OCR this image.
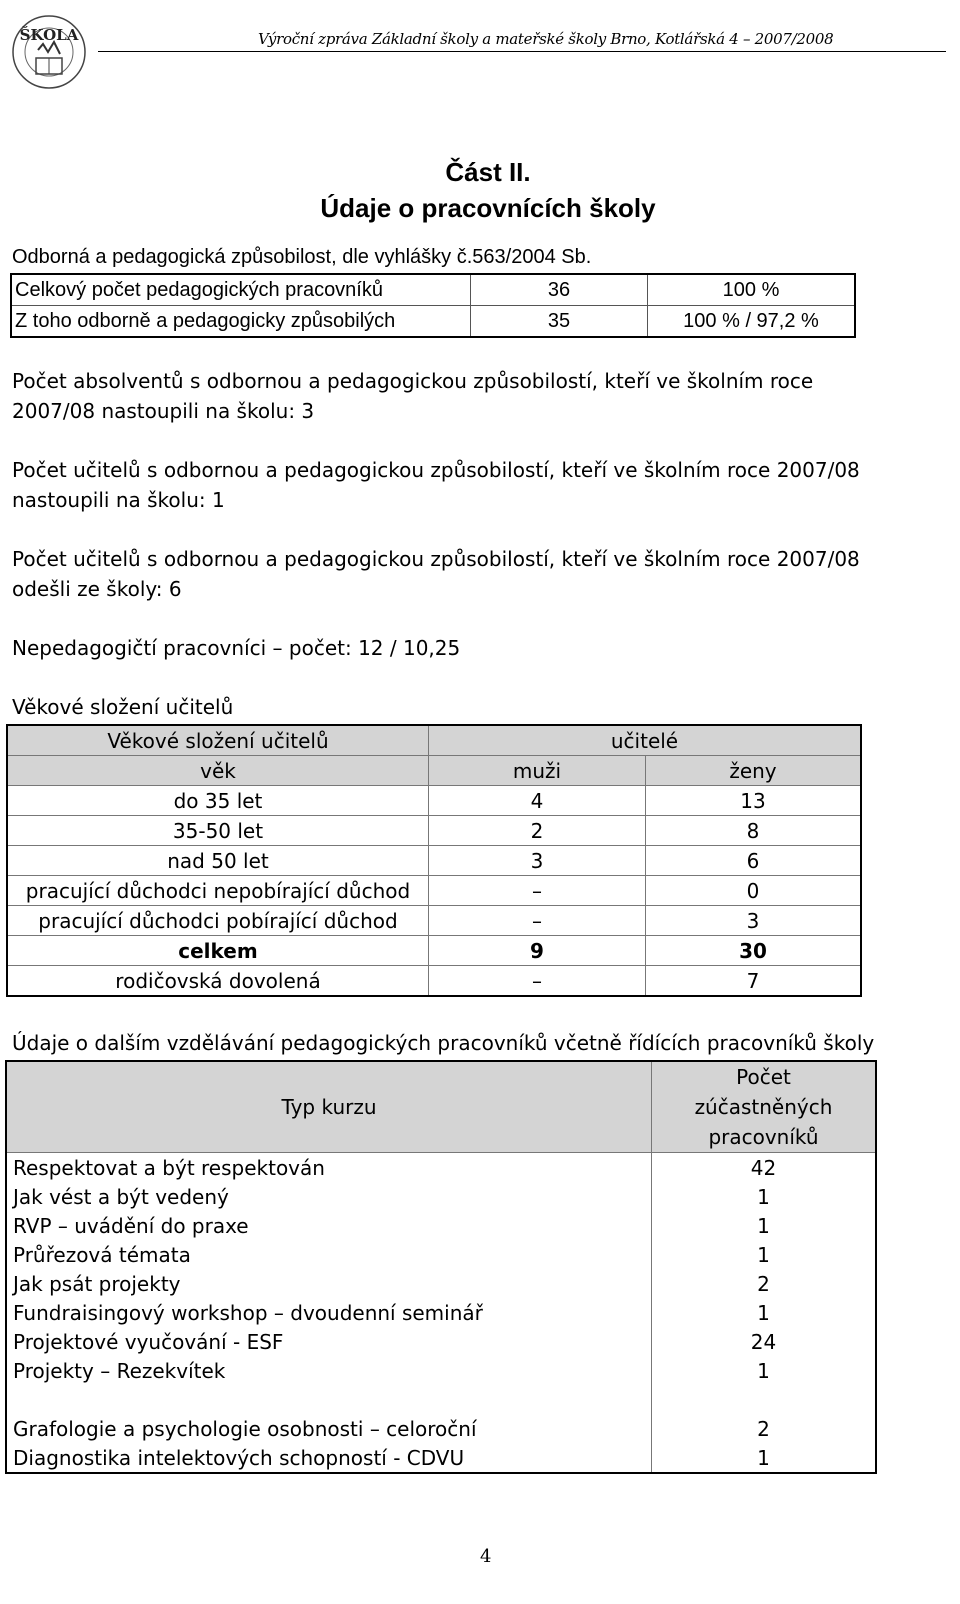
ŠKOLA	Výroční zpráva Základní školy a mateřské školy Brno, Kotlářská 4 – 2007/2008
Část II.
Údaje o pracovnících školy
Odborná a pedagogická způsobilost, dle vyhlášky č.563/2004 Sb.
Celkový počet pedagogických pracovníků	36	100 %
Z toho odborně a pedagogicky způsobilých	35	100 % / 97,2 %
Počet absolventů s odbornou a pedagogickou způsobilostí, kteří ve školním roce
2007/08 nastoupili na školu: 3
Počet učitelů s odbornou a pedagogickou způsobilostí, kteří ve školním roce 2007/08
nastoupili na školu: 1
Počet učitelů s odbornou a pedagogickou způsobilostí, kteří ve školním roce 2007/08
odešli ze školy: 6
Nepedagogičtí pracovníci – počet: 12 / 10,25
Věkové složení učitelů
Věkové složení učitelů	učitelé	
věk	muži	ženy
do 35 let	4	13
35-50 let	2	8
nad 50 let	3	6
pracující důchodci nepobírající důchod	–	0
pracující důchodci pobírající důchod	–	3
celkem	9	30
rodičovská dovolená	–	7
Údaje o dalším vzdělávání pedagogických pracovníků včetně řídících pracovníků školy
Typ kurzu	Počet
zúčastněných
pracovníků
Respektovat a být respektován	42
Jak vést a být vedený	1
RVP – uvádění do praxe	1
Průřezová témata	1
Jak psát projekty	2
Fundraisingový workshop – dvoudenní seminář	1
Projektové vyučování - ESF	24
Projekty – Rezekvítek	1

Grafologie a psychologie osobnosti – celoroční	2
Diagnostika intelektových schopností - CDVU	1
4
